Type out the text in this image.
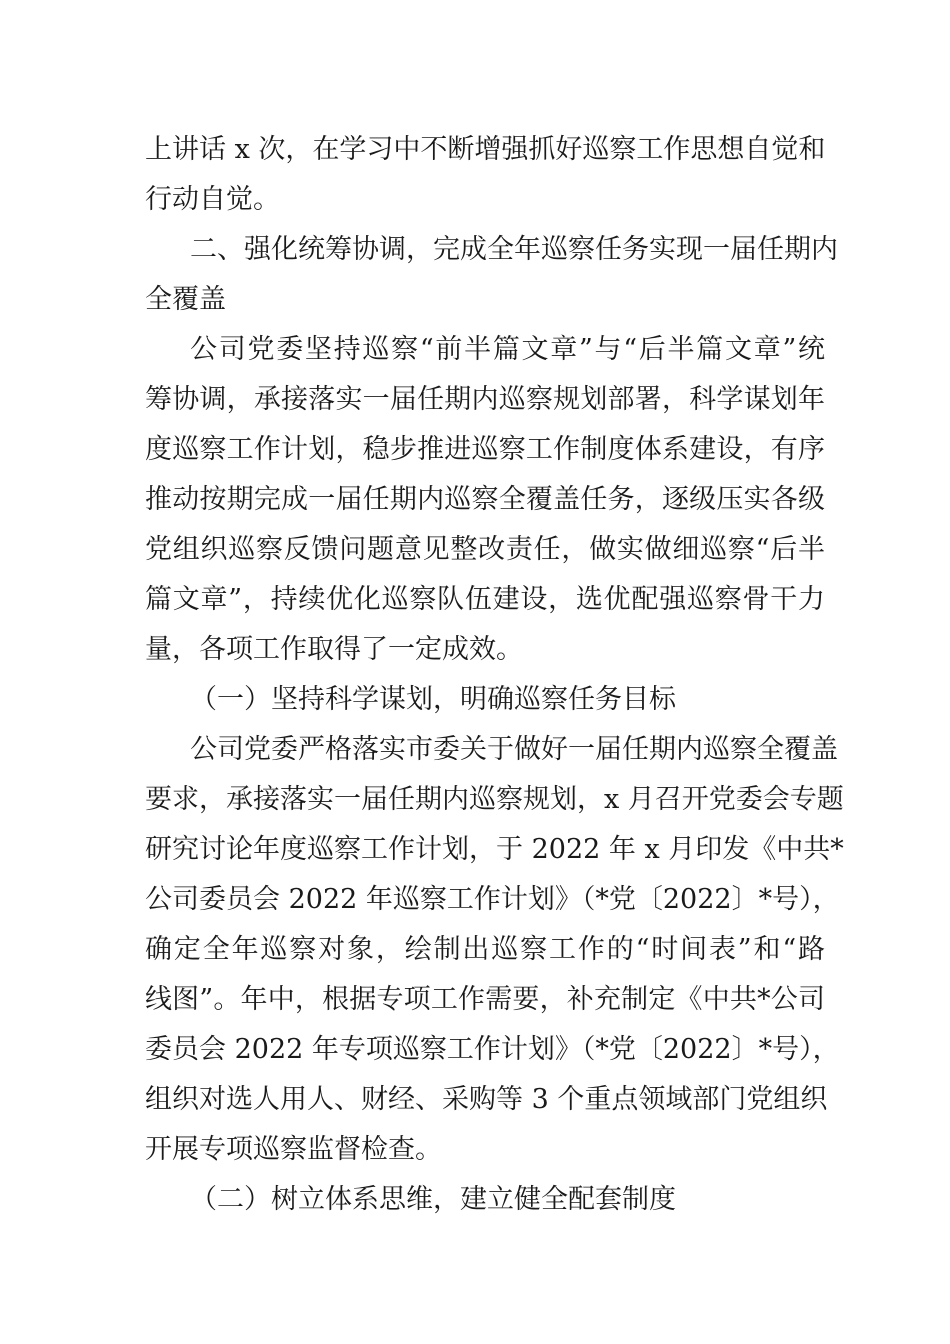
上讲话 x 次，在学习中不断增强抓好巡察工作思想自觉和
行动自觉。
二、强化统筹协调，完成全年巡察任务实现一届任期内
全覆盖
公司党委坚持巡察“前半篇文章”与“后半篇文章”统
筹协调，承接落实一届任期内巡察规划部署，科学谋划年
度巡察工作计划，稳步推进巡察工作制度体系建设，有序
推动按期完成一届任期内巡察全覆盖任务，逐级压实各级
党组织巡察反馈问题意见整改责任，做实做细巡察“后半
篇文章”，持续优化巡察队伍建设，选优配强巡察骨干力
量，各项工作取得了一定成效。
（一）坚持科学谋划，明确巡察任务目标
公司党委严格落实市委关于做好一届任期内巡察全覆盖
要求，承接落实一届任期内巡察规划，x 月召开党委会专题
研究讨论年度巡察工作计划，于 2022 年 x 月印发《中共*
公司委员会 2022 年巡察工作计划》（*党〔2022〕*号），
确定全年巡察对象，绘制出巡察工作的“时间表”和“路
线图”。年中，根据专项工作需要，补充制定《中共*公司
委员会 2022 年专项巡察工作计划》（*党〔2022〕*号），
组织对选人用人、财经、采购等 3 个重点领域部门党组织
开展专项巡察监督检查。
（二）树立体系思维，建立健全配套制度
